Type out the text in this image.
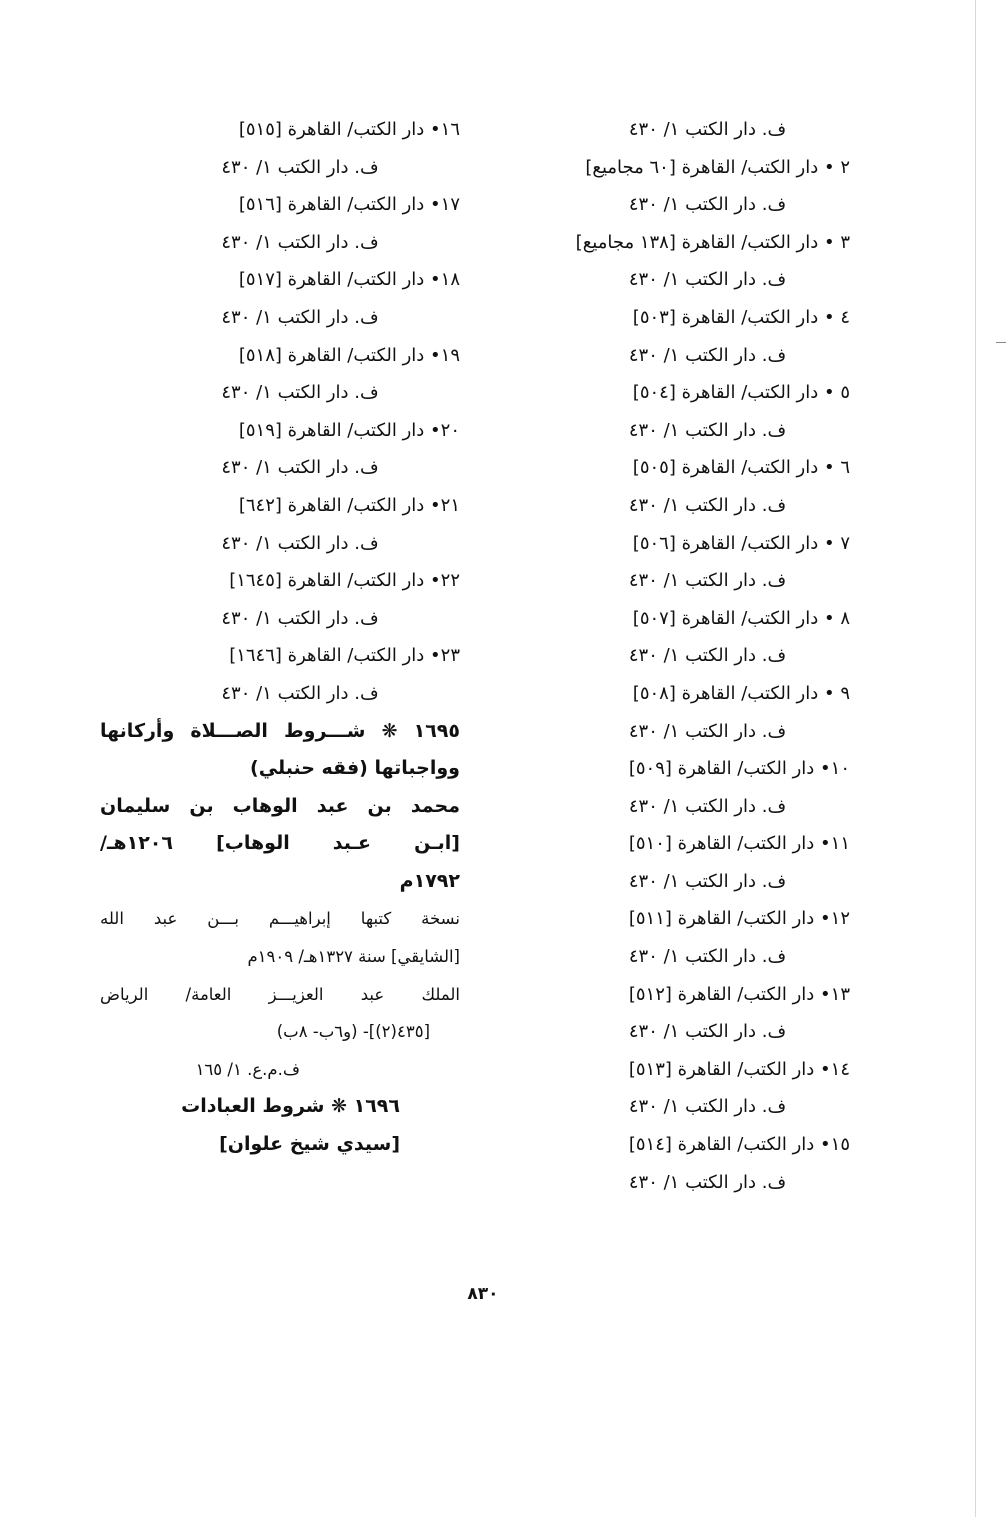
ف. دار الكتب ١/ ٤٣٠
٢ • دار الكتب/ القاهرة [٦٠ مجاميع]
ف. دار الكتب ١/ ٤٣٠
٣ • دار الكتب/ القاهرة [١٣٨ مجاميع]
ف. دار الكتب ١/ ٤٣٠
٤ • دار الكتب/ القاهرة [٥٠٣]
ف. دار الكتب ١/ ٤٣٠
٥ • دار الكتب/ القاهرة [٥٠٤]
ف. دار الكتب ١/ ٤٣٠
٦ • دار الكتب/ القاهرة [٥٠٥]
ف. دار الكتب ١/ ٤٣٠
٧ • دار الكتب/ القاهرة [٥٠٦]
ف. دار الكتب ١/ ٤٣٠
٨ • دار الكتب/ القاهرة [٥٠٧]
ف. دار الكتب ١/ ٤٣٠
٩ • دار الكتب/ القاهرة [٥٠٨]
ف. دار الكتب ١/ ٤٣٠
١٠• دار الكتب/ القاهرة [٥٠٩]
ف. دار الكتب ١/ ٤٣٠
١١• دار الكتب/ القاهرة [٥١٠]
ف. دار الكتب ١/ ٤٣٠
١٢• دار الكتب/ القاهرة [٥١١]
ف. دار الكتب ١/ ٤٣٠
١٣• دار الكتب/ القاهرة [٥١٢]
ف. دار الكتب ١/ ٤٣٠
١٤• دار الكتب/ القاهرة [٥١٣]
ف. دار الكتب ١/ ٤٣٠
١٥• دار الكتب/ القاهرة [٥١٤]
ف. دار الكتب ١/ ٤٣٠
١٦• دار الكتب/ القاهرة [٥١٥]
ف. دار الكتب ١/ ٤٣٠
١٧• دار الكتب/ القاهرة [٥١٦]
ف. دار الكتب ١/ ٤٣٠
١٨• دار الكتب/ القاهرة [٥١٧]
ف. دار الكتب ١/ ٤٣٠
١٩• دار الكتب/ القاهرة [٥١٨]
ف. دار الكتب ١/ ٤٣٠
٢٠• دار الكتب/ القاهرة [٥١٩]
ف. دار الكتب ١/ ٤٣٠
٢١• دار الكتب/ القاهرة [٦٤٢]
ف. دار الكتب ١/ ٤٣٠
٢٢• دار الكتب/ القاهرة [١٦٤٥]
ف. دار الكتب ١/ ٤٣٠
٢٣• دار الكتب/ القاهرة [١٦٤٦]
ف. دار الكتب ١/ ٤٣٠
١٦٩٥ ❋ شـــروط الصـــلاة وأركانها
وواجباتها (فقه حنبلي)
محمد بن عبد الوهاب بن سليمان
[ابـن عـبد الوهاب] ١٢٠٦هـ/
١٧٩٢م
نسخة كتبها إبراهيـــم بـــن عبد الله
[الشايقي] سنة ١٣٢٧هـ/ ١٩٠٩م
الملك عبد العزيـــز العامة/ الرياض
[٤٣٥(٢)]- (و٦ب- ٨ب)
ف.م.ع. ١/ ١٦٥
١٦٩٦ ❋ شروط العبادات
[سيدي شيخ علوان]
٨٣٠
